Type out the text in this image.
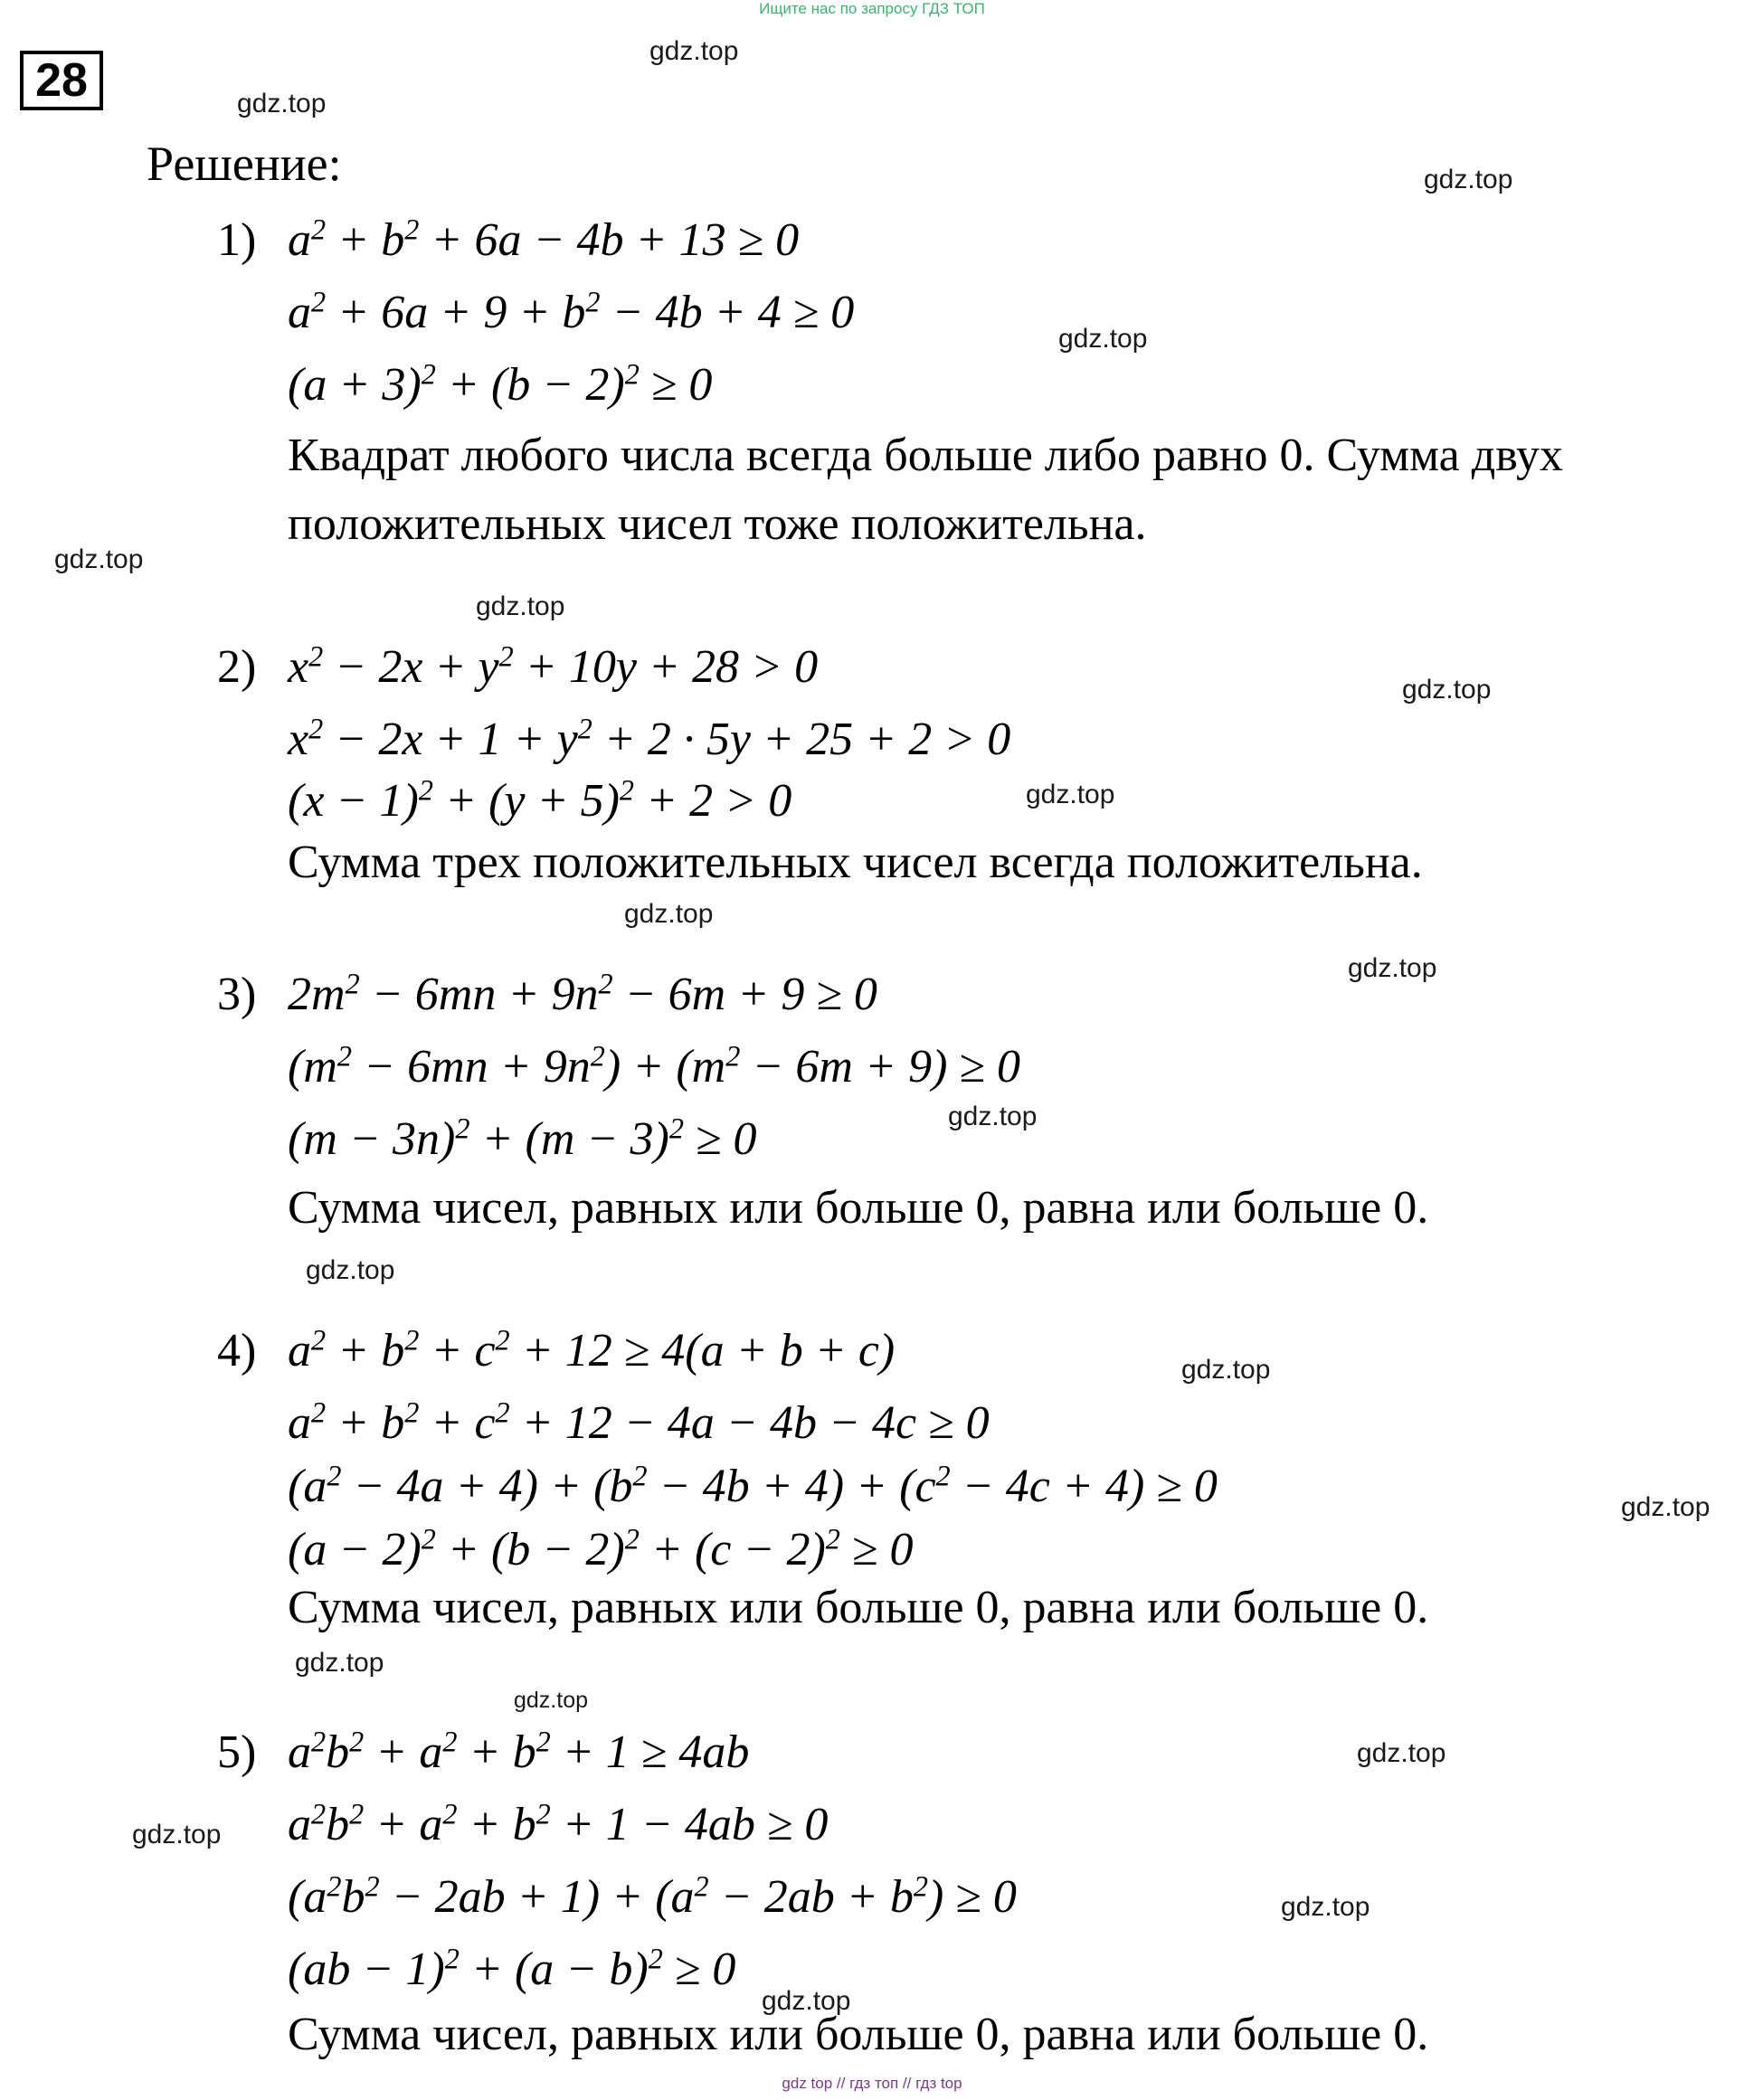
Ищите нас по запросу ГДЗ ТОП
28
Решение:
1) $a^2 + b^2 + 6a - 4b + 13 \ge 0$
$a^2 + 6a + 9 + b^2 - 4b + 4 \ge 0$
$(a + 3)^2 + (b - 2)^2 \ge 0$
Квадрат любого числа всегда больше либо равно 0. Сумма двух
положительных чисел тоже положительна.
2) $x^2 - 2x + y^2 + 10y + 28 > 0$
$x^2 - 2x + 1 + y^2 + 2 \cdot 5y + 25 + 2 > 0$
$(x - 1)^2 + (y + 5)^2 + 2 > 0$
Сумма трех положительных чисел всегда положительна.
3) $2m^2 - 6mn + 9n^2 - 6m + 9 \ge 0$
$(m^2 - 6mn + 9n^2) + (m^2 - 6m + 9) \ge 0$
$(m - 3n)^2 + (m - 3)^2 \ge 0$
Сумма чисел, равных или больше 0, равна или больше 0.
4) $a^2 + b^2 + c^2 + 12 \ge 4(a + b + c)$
$a^2 + b^2 + c^2 + 12 - 4a - 4b - 4c \ge 0$
$(a^2 - 4a + 4) + (b^2 - 4b + 4) + (c^2 - 4c + 4) \ge 0$
$(a - 2)^2 + (b - 2)^2 + (c - 2)^2 \ge 0$
Сумма чисел, равных или больше 0, равна или больше 0.
5) $a^2b^2 + a^2 + b^2 + 1 \ge 4ab$
$a^2b^2 + a^2 + b^2 + 1 - 4ab \ge 0$
$(a^2b^2 - 2ab + 1) + (a^2 - 2ab + b^2) \ge 0$
$(ab - 1)^2 + (a - b)^2 \ge 0$
Сумма чисел, равных или больше 0, равна или больше 0.
gdz.top
gdz.top
gdz.top
gdz.top
gdz.top
gdz.top
gdz.top
gdz.top
gdz.top
gdz.top
gdz.top
gdz.top
gdz.top
gdz.top
gdz.top
gdz.top
gdz.top
gdz.top
gdz.top
gdz.top
gdz top // гдз топ // гдз top
